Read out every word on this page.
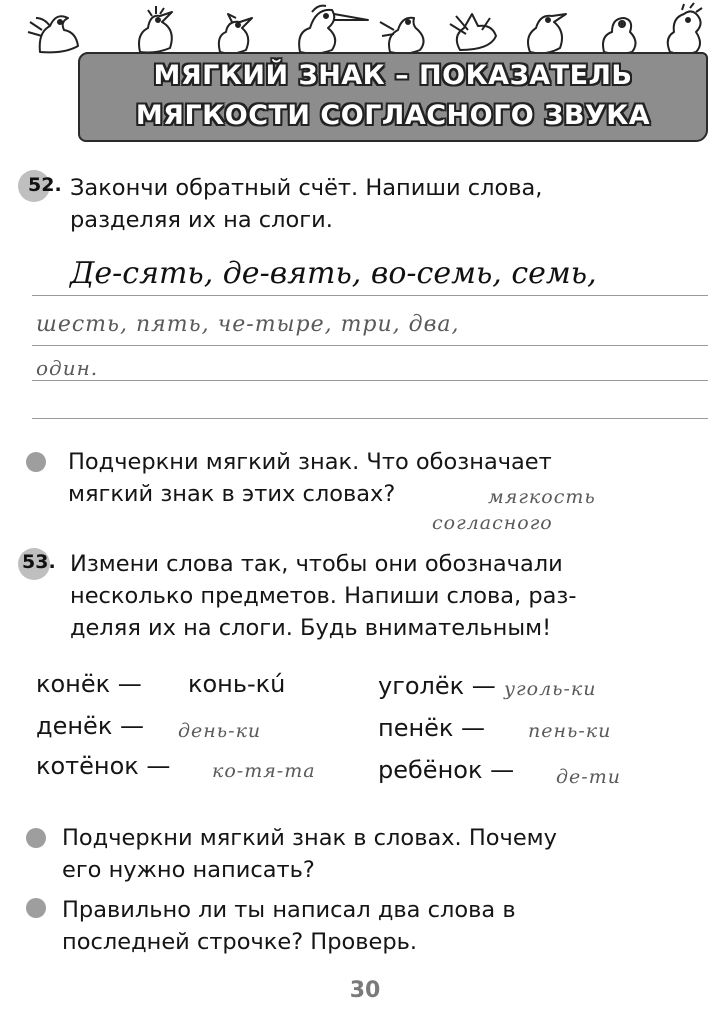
МЯГКИЙ ЗНАК – ПОКАЗАТЕЛЬ
МЯГКОСТИ СОГЛАСНОГО ЗВУКА
52. Закончи обратный счёт. Напиши слова,
разделяя их на слоги.
Де-сять, де-вять, во-семь, семь,
шесть, пять, че-тыре, три, два,
один.
Подчеркни мягкий знак. Что обозначает
мягкий знак в этих словах?	мягкость
согласного
53. Измени слова так, чтобы они обозначали
несколько предметов. Напиши слова, раз-
деляя их на слоги. Будь внимательным!
конёк — конь-кú	уголёк — уголь-ки
денёк — день-ки	пенёк — пень-ки
котёнок — ко-тя-та	ребёнок — де-ти
Подчеркни мягкий знак в словах. Почему
его нужно написать?
Правильно ли ты написал два слова в
последней строчке? Проверь.
30
